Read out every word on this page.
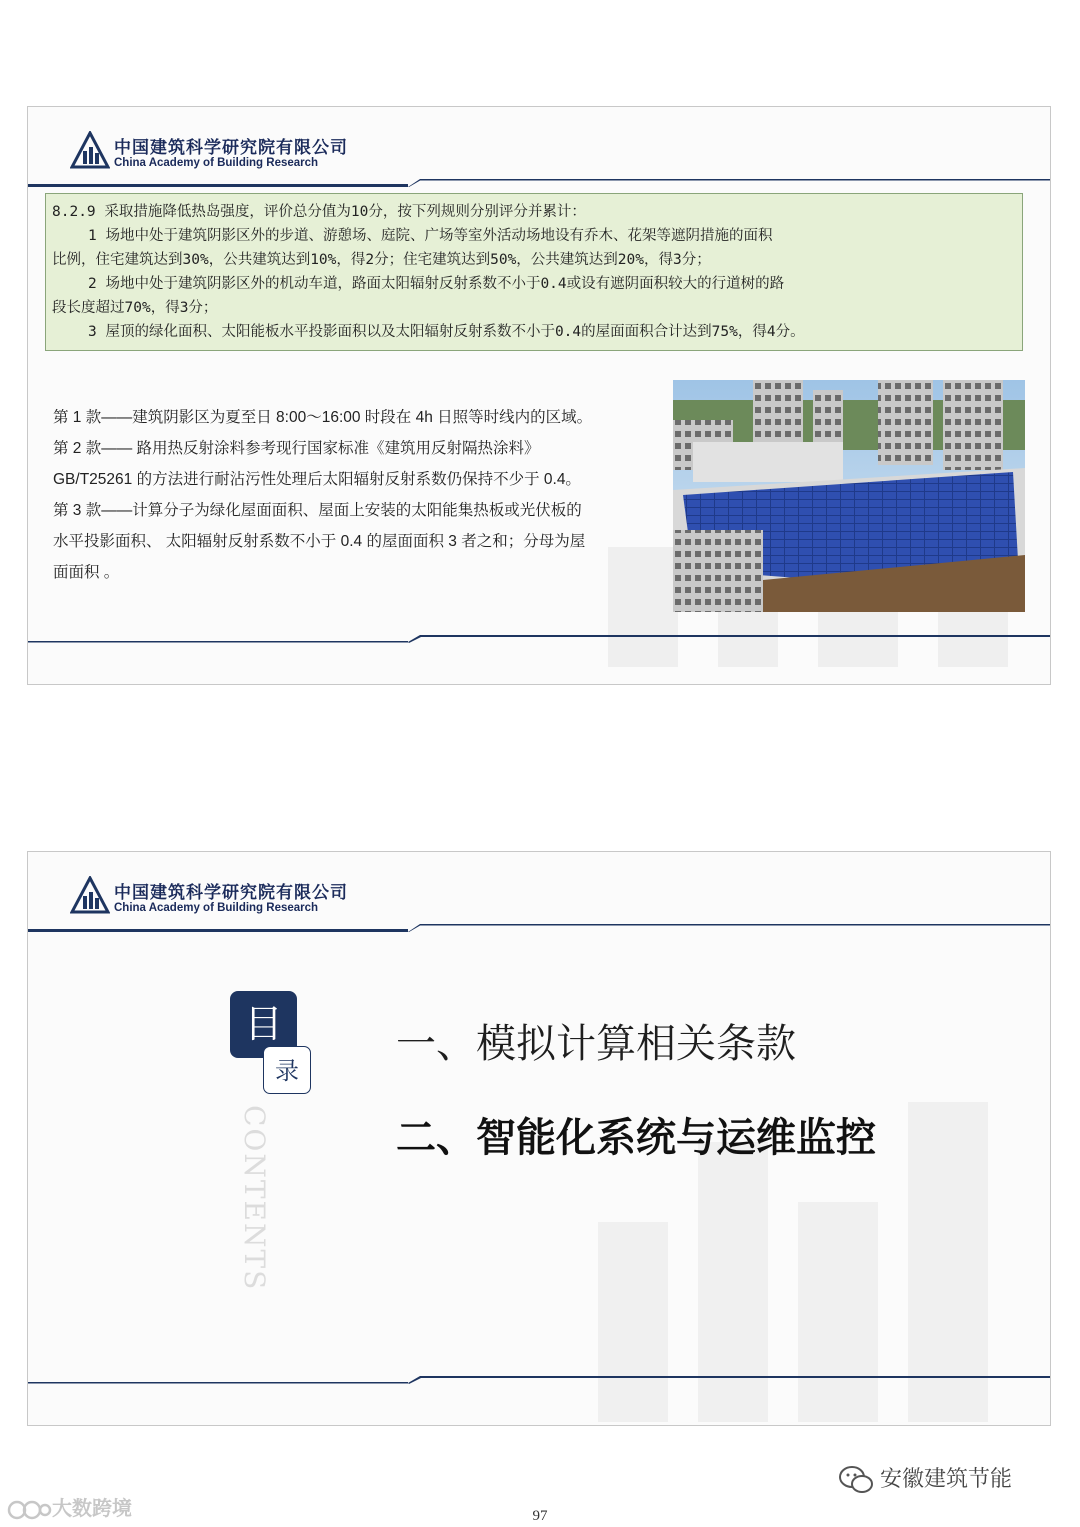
中国建筑科学研究院有限公司
China Academy of Building Research

8.2.9 采取措施降低热岛强度，评价总分值为10分，按下列规则分别评分并累计：

1 场地中处于建筑阴影区外的步道、游憩场、庭院、广场等室外活动场地设有乔木、花架等遮阴措施的面积

比例，住宅建筑达到30%，公共建筑达到10%，得2分；住宅建筑达到50%，公共建筑达到20%，得3分；

2 场地中处于建筑阴影区外的机动车道，路面太阳辐射反射系数不小于0.4或设有遮阴面积较大的行道树的路

段长度超过70%，得3分；

3 屋顶的绿化面积、太阳能板水平投影面积以及太阳辐射反射系数不小于0.4的屋面面积合计达到75%，得4分。

第 1 款——建筑阴影区为夏至日 8:00～16:00 时段在 4h 日照等时线内的区域。

第 2 款—— 路用热反射涂料参考现行国家标准《建筑用反射隔热涂料》

GB/T25261 的方法进行耐沾污性处理后太阳辐射反射系数仍保持不少于 0.4。

第 3 款——计算分子为绿化屋面面积、屋面上安装的太阳能集热板或光伏板的

水平投影面积、 太阳辐射反射系数不小于 0.4 的屋面面积 3 者之和；分母为屋

面面积 。

中国建筑科学研究院有限公司
China Academy of Building Research
目
录
CONTENTS
一、模拟计算相关条款
二、智能化系统与运维监控
安徽建筑节能
大数跨境	97
